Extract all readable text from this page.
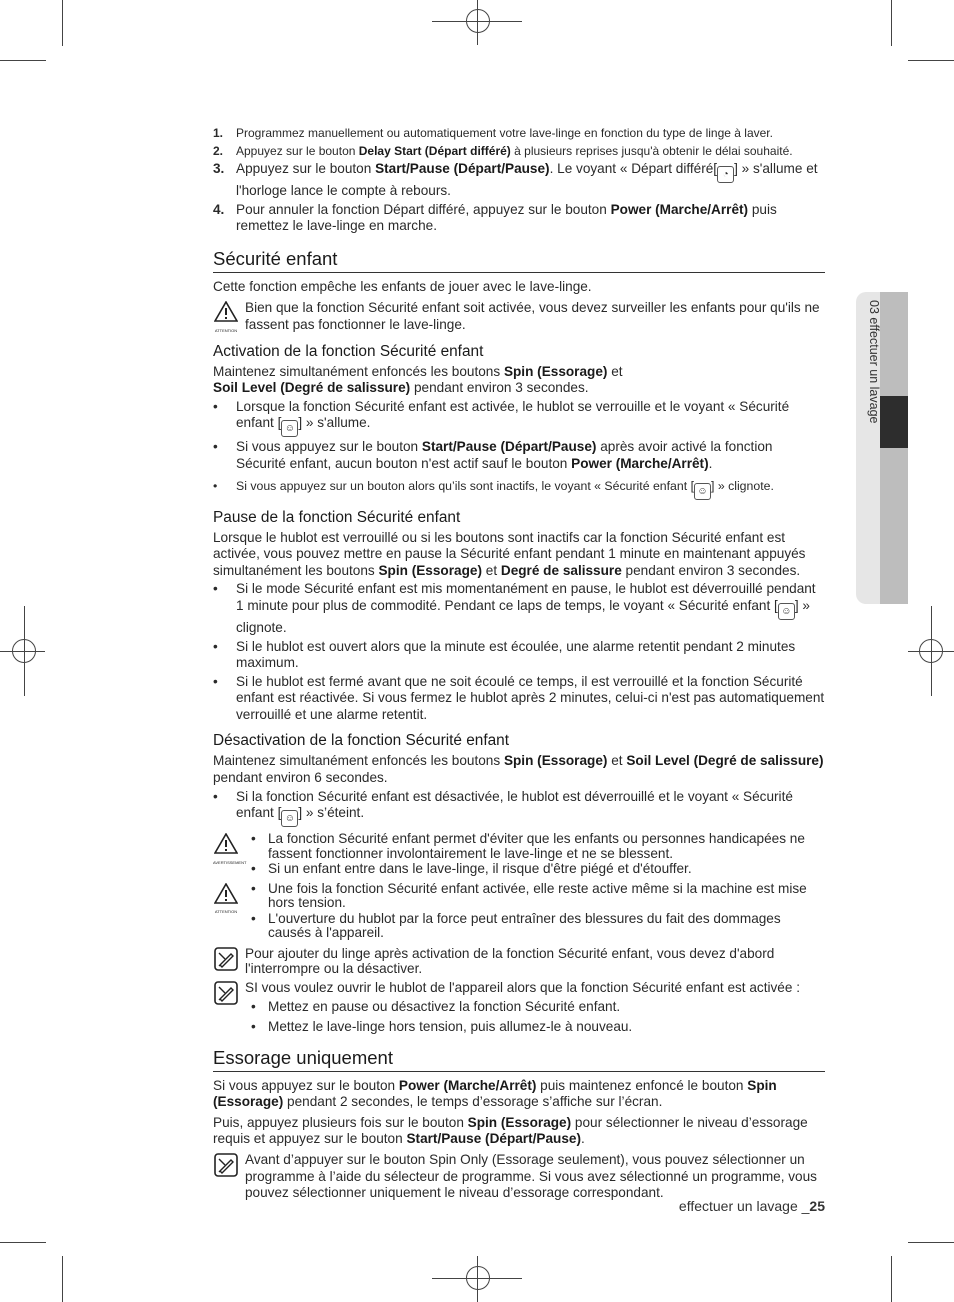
03 effectuer un lavage
1. Programmez manuellement ou automatiquement votre lave-linge en fonction du type de linge à laver.
2. Appuyez sur le bouton Delay Start (Départ différé) à plusieurs reprises jusqu'à obtenir le délai souhaité.
3. Appuyez sur le bouton Start/Pause (Départ/Pause). Le voyant « Départ différé[ ◔ ] » s'allume et l'horloge lance le compte à rebours.
4. Pour annuler la fonction Départ différé, appuyez sur le bouton Power (Marche/Arrêt) puis remettez le lave-linge en marche.
Sécurité enfant

Cette fonction empêche les enfants de jouer avec le lave-linge.

ATTENTION

Bien que la fonction Sécurité enfant soit activée, vous devez surveiller les enfants pour qu'ils ne fassent pas fonctionner le lave-linge.

Activation de la fonction Sécurité enfant

Maintenez simultanément enfoncés les boutons Spin (Essorage) et
Soil Level (Degré de salissure) pendant environ 3 secondes.

• Lorsque la fonction Sécurité enfant est activée, le hublot se verrouille et le voyant « Sécurité enfant [ ☺ ] » s'allume.
• Si vous appuyez sur le bouton Start/Pause (Départ/Pause) après avoir activé la fonction Sécurité enfant, aucun bouton n'est actif sauf le bouton Power (Marche/Arrêt).
• Si vous appuyez sur un bouton alors qu’ils sont inactifs, le voyant « Sécurité enfant [ ☺ ] » clignote.
Pause de la fonction Sécurité enfant

Lorsque le hublot est verrouillé ou si les boutons sont inactifs car la fonction Sécurité enfant est activée, vous pouvez mettre en pause la Sécurité enfant pendant 1 minute en maintenant appuyés simultanément les boutons Spin (Essorage) et Degré de salissure pendant environ 3 secondes.

• Si le mode Sécurité enfant est mis momentanément en pause, le hublot est déverrouillé pendant 1 minute pour plus de commodité. Pendant ce laps de temps, le voyant « Sécurité enfant [ ☺ ] » clignote.
• Si le hublot est ouvert alors que la minute est écoulée, une alarme retentit pendant 2 minutes maximum.
• Si le hublot est fermé avant que ne soit écoulé ce temps, il est verrouillé et la fonction Sécurité enfant est réactivée. Si vous fermez le hublot après 2 minutes, celui-ci n'est pas automatiquement verrouillé et une alarme retentit.
Désactivation de la fonction Sécurité enfant

Maintenez simultanément enfoncés les boutons Spin (Essorage) et Soil Level (Degré de salissure) pendant environ 6 secondes.

• Si la fonction Sécurité enfant est désactivée, le hublot est déverrouillé et le voyant « Sécurité enfant [ ☺ ] » s’éteint.
AVERTISSEMENT
• La fonction Sécurité enfant permet d'éviter que les enfants ou personnes handicapées ne fassent fonctionner involontairement le lave-linge et ne se blessent.
• Si un enfant entre dans le lave-linge, il risque d'être piégé et d'étouffer.
ATTENTION
• Une fois la fonction Sécurité enfant activée, elle reste active même si la machine est mise hors tension.
• L'ouverture du hublot par la force peut entraîner des blessures du fait des dommages causés à l'appareil.

Pour ajouter du linge après activation de la fonction Sécurité enfant, vous devez d'abord l'interrompre ou la désactiver.

SI vous voulez ouvrir le hublot de l'appareil alors que la fonction Sécurité enfant est activée :

• Mettez en pause ou désactivez la fonction Sécurité enfant.
• Mettez le lave-linge hors tension, puis allumez-le à nouveau.
Essorage uniquement

Si vous appuyez sur le bouton Power (Marche/Arrêt) puis maintenez enfoncé le bouton Spin (Essorage) pendant 2 secondes, le temps d’essorage s’affiche sur l’écran.

Puis, appuyez plusieurs fois sur le bouton Spin (Essorage) pour sélectionner le niveau d’essorage requis et appuyez sur le bouton Start/Pause (Départ/Pause).

Avant d’appuyer sur le bouton Spin Only (Essorage seulement), vous pouvez sélectionner un programme à l’aide du sélecteur de programme. Si vous avez sélectionné un programme, vous pouvez sélectionner uniquement le niveau d’essorage correspondant.

effectuer un lavage _25
